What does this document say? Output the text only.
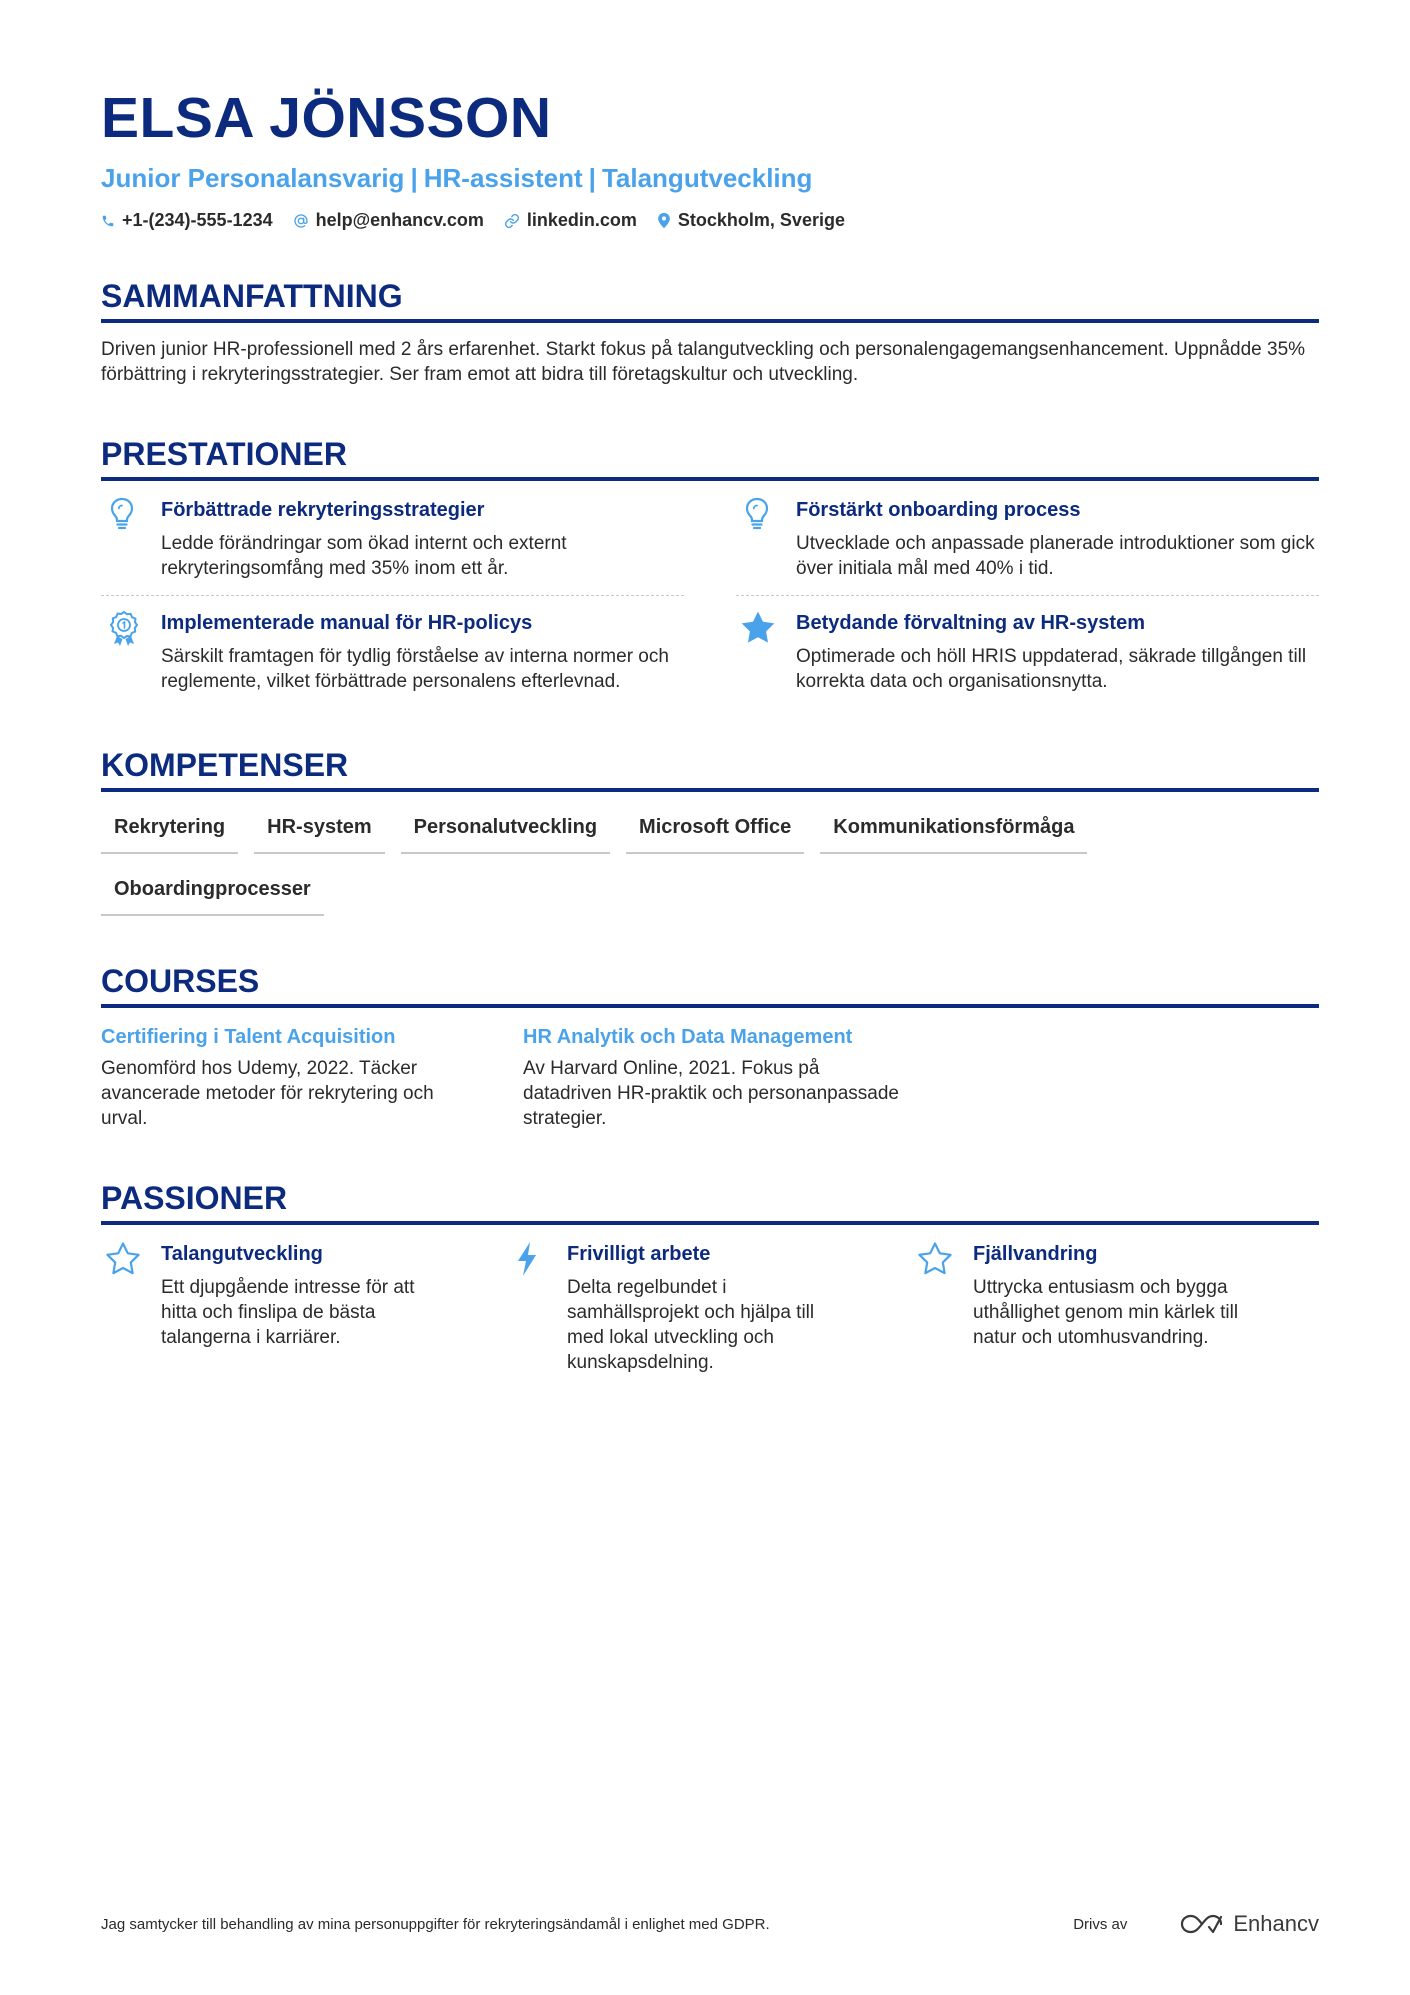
ELSA JÖNSSON
Junior Personalansvarig | HR-assistent | Talangutveckling
+1-(234)-555-1234 help@enhancv.com linkedin.com Stockholm, Sverige
SAMMANFATTNING
Driven junior HR-professionell med 2 års erfarenhet. Starkt fokus på talangutveckling och personalengagemangsenhancement. Uppnådde 35% förbättring i rekryteringsstrategier. Ser fram emot att bidra till företagskultur och utveckling.
PRESTATIONER
Förbättrade rekryteringsstrategier
Ledde förändringar som ökad internt och externt rekryteringsomfång med 35% inom ett år.
Förstärkt onboarding process
Utvecklade och anpassade planerade introduktioner som gick över initiala mål med 40% i tid.
Implementerade manual för HR-policys
Särskilt framtagen för tydlig förståelse av interna normer och reglemente, vilket förbättrade personalens efterlevnad.
Betydande förvaltning av HR-system
Optimerade och höll HRIS uppdaterad, säkrade tillgången till korrekta data och organisationsnytta.
KOMPETENSER
Rekrytering	HR-system	Personalutveckling	Microsoft Office	Kommunikationsförmåga
Oboardingprocesser
COURSES
Certifiering i Talent Acquisition
Genomförd hos Udemy, 2022. Täcker avancerade metoder för rekrytering och urval.
HR Analytik och Data Management
Av Harvard Online, 2021. Fokus på datadriven HR-praktik och personanpassade strategier.
PASSIONER
Talangutveckling
Ett djupgående intresse för att hitta och finslipa de bästa talangerna i karriärer.
Frivilligt arbete
Delta regelbundet i samhällsprojekt och hjälpa till med lokal utveckling och kunskapsdelning.
Fjällvandring
Uttrycka entusiasm och bygga uthållighet genom min kärlek till natur och utomhusvandring.
Jag samtycker till behandling av mina personuppgifter för rekryteringsändamål i enlighet med GDPR.	Drivs av	Enhancv
